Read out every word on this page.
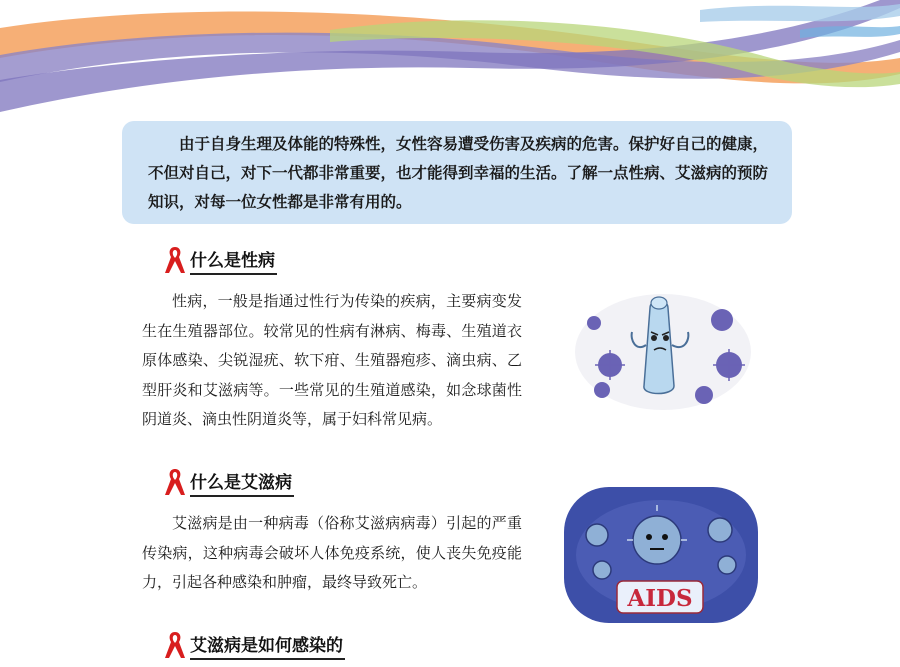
由于自身生理及体能的特殊性，女性容易遭受伤害及疾病的危害。保护好自己的健康，不但对自己，对下一代都非常重要，也才能得到幸福的生活。了解一点性病、艾滋病的预防知识，对每一位女性都是非常有用的。

什么是性病

性病，一般是指通过性行为传染的疾病，主要病变发生在生殖器部位。较常见的性病有淋病、梅毒、生殖道衣原体感染、尖锐湿疣、软下疳、生殖器疱疹、滴虫病、乙型肝炎和艾滋病等。一些常见的生殖道感染，如念球菌性阴道炎、滴虫性阴道炎等，属于妇科常见病。

什么是艾滋病

艾滋病是由一种病毒（俗称艾滋病病毒）引起的严重传染病，这种病毒会破坏人体免疫系统，使人丧失免疫能力，引起各种感染和肿瘤，最终导致死亡。

AIDS
艾滋病是如何感染的
